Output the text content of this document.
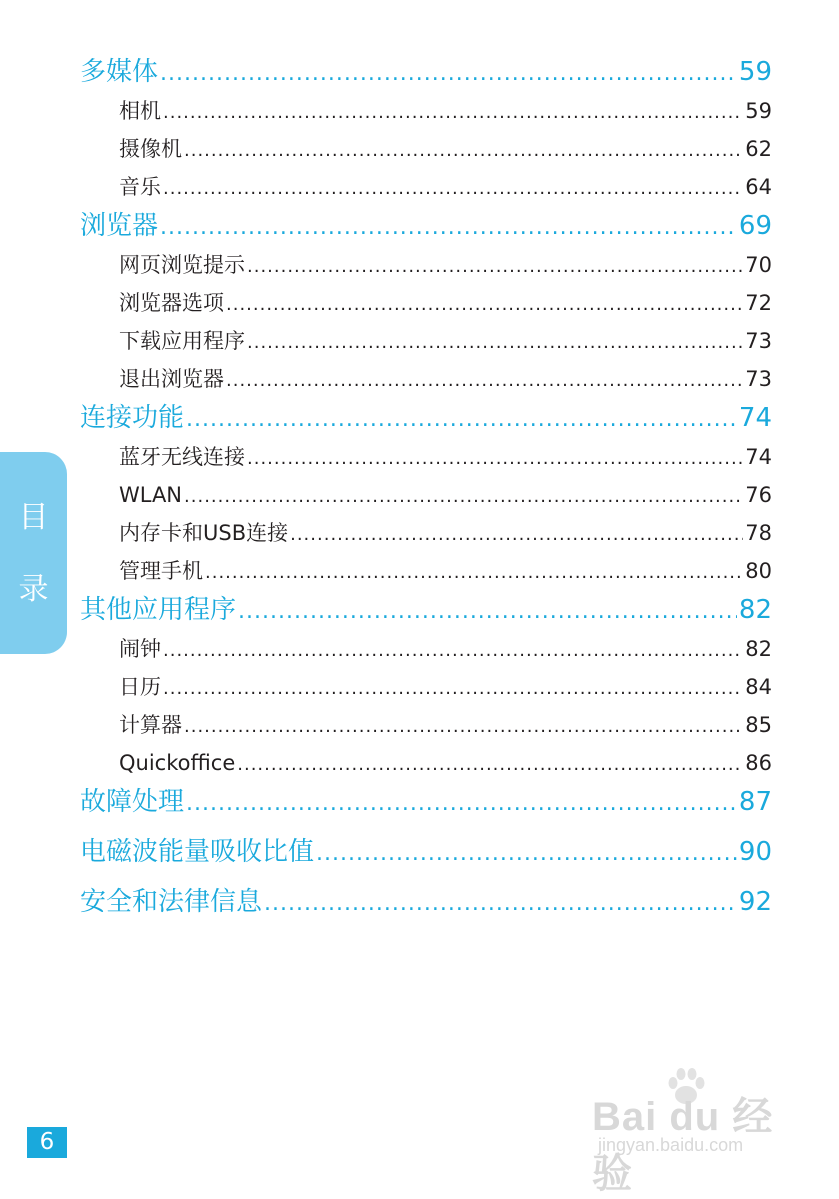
多媒体 .....	59
相机 .....	59
摄像机 .....	62
音乐 .....	64
浏览器 .....	69
网页浏览提示 .....	70
浏览器选项 .....	72
下载应用程序 .....	73
退出浏览器 .....	73
连接功能 .....	74
蓝牙无线连接 .....	74
WLAN .....	76
内存卡和USB连接 .....	78
管理手机 .....	80
其他应用程序 .....	82
闹钟 .....	82
日历 .....	84
计算器 .....	85
Quickoffice .....	86
故障处理 .....	87
电磁波能量吸收比值 .....	90
安全和法律信息 .....	92
目
录
6
Bai du 经验
jingyan.baidu.com
